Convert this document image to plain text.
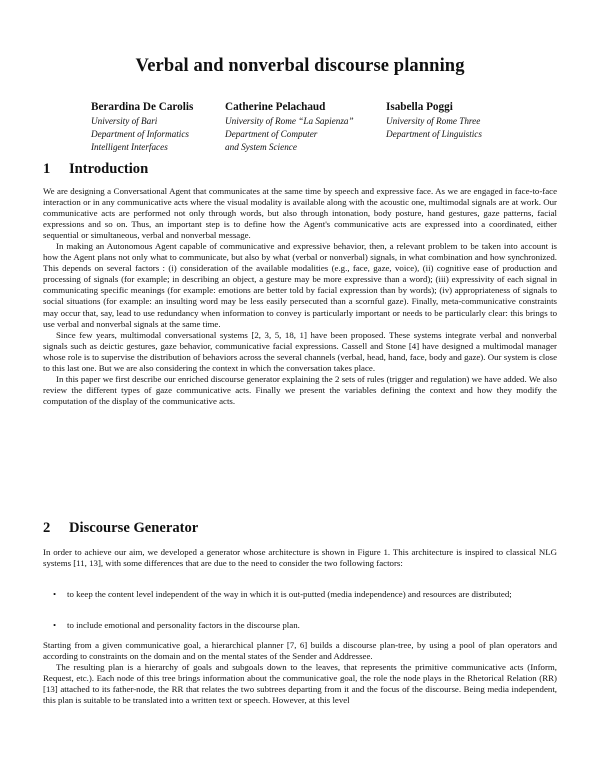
Verbal and nonverbal discourse planning
Berardina De Carolis
University of Bari
Department of Informatics
Intelligent Interfaces
Catherine Pelachaud
University of Rome “La Sapienza”
Department of Computer
and System Science
Isabella Poggi
University of Rome Three
Department of Linguistics
1 Introduction

We are designing a Conversational Agent that communicates at the same time by speech and expressive face. As we are engaged in face-to-face interaction or in any communicative acts where the visual modality is available along with the acoustic one, multimodal signals are at work. Our communicative acts are performed not only through words, but also through intonation, body posture, hand gestures, gaze patterns, facial expressions and so on. Thus, an important step is to define how the Agent's communicative acts are expressed into a coordinated, either sequential or simultaneous, verbal and nonverbal message.

In making an Autonomous Agent capable of communicative and expressive behavior, then, a relevant problem to be taken into account is how the Agent plans not only what to communicate, but also by what (verbal or nonverbal) signals, in what combination and how synchronized. This depends on several factors : (i) consideration of the available modalities (e.g., face, gaze, voice), (ii) cognitive ease of production and processing of signals (for example; in describing an object, a gesture may be more expressive than a word); (iii) expressivity of each signal in communicating specific meanings (for example: emotions are better told by facial expression than by words); (iv) appropriateness of signals to social situations (for example: an insulting word may be less easily persecuted than a scornful gaze). Finally, meta-communicative constraints may occur that, say, lead to use redundancy when information to convey is particularly important or needs to be particularly clear: this brings to use verbal and nonverbal signals at the same time.

Since few years, multimodal conversational systems [2, 3, 5, 18, 1] have been proposed. These systems integrate verbal and nonverbal signals such as deictic gestures, gaze behavior, communicative facial expressions. Cassell and Stone [4] have designed a multimodal manager whose role is to supervise the distribution of behaviors across the several channels (verbal, head, hand, face, body and gaze). Our system is close to this last one. But we are also considering the context in which the conversation takes place.

In this paper we first describe our enriched discourse generator explaining the 2 sets of rules (trigger and regulation) we have added. We also review the different types of gaze communicative acts. Finally we present the variables defining the context and how they modify the computation of the display of the communicative acts.

2 Discourse Generator

In order to achieve our aim, we developed a generator whose architecture is shown in Figure 1. This architecture is inspired to classical NLG systems [11, 13], with some differences that are due to the need to consider the two following factors:

• to keep the content level independent of the way in which it is out-putted (media independence) and resources are distributed;
• to include emotional and personality factors in the discourse plan.

Starting from a given communicative goal, a hierarchical planner [7, 6] builds a discourse plan-tree, by using a pool of plan operators and according to constraints on the domain and on the mental states of the Sender and Addressee.

The resulting plan is a hierarchy of goals and subgoals down to the leaves, that represents the primitive communicative acts (Inform, Request, etc.). Each node of this tree brings information about the communicative goal, the role the node plays in the Rhetorical Relation (RR) [13] attached to its father-node, the RR that relates the two subtrees departing from it and the focus of the discourse. Being media independent, this plan is suitable to be translated into a written text or speech. However, at this level
